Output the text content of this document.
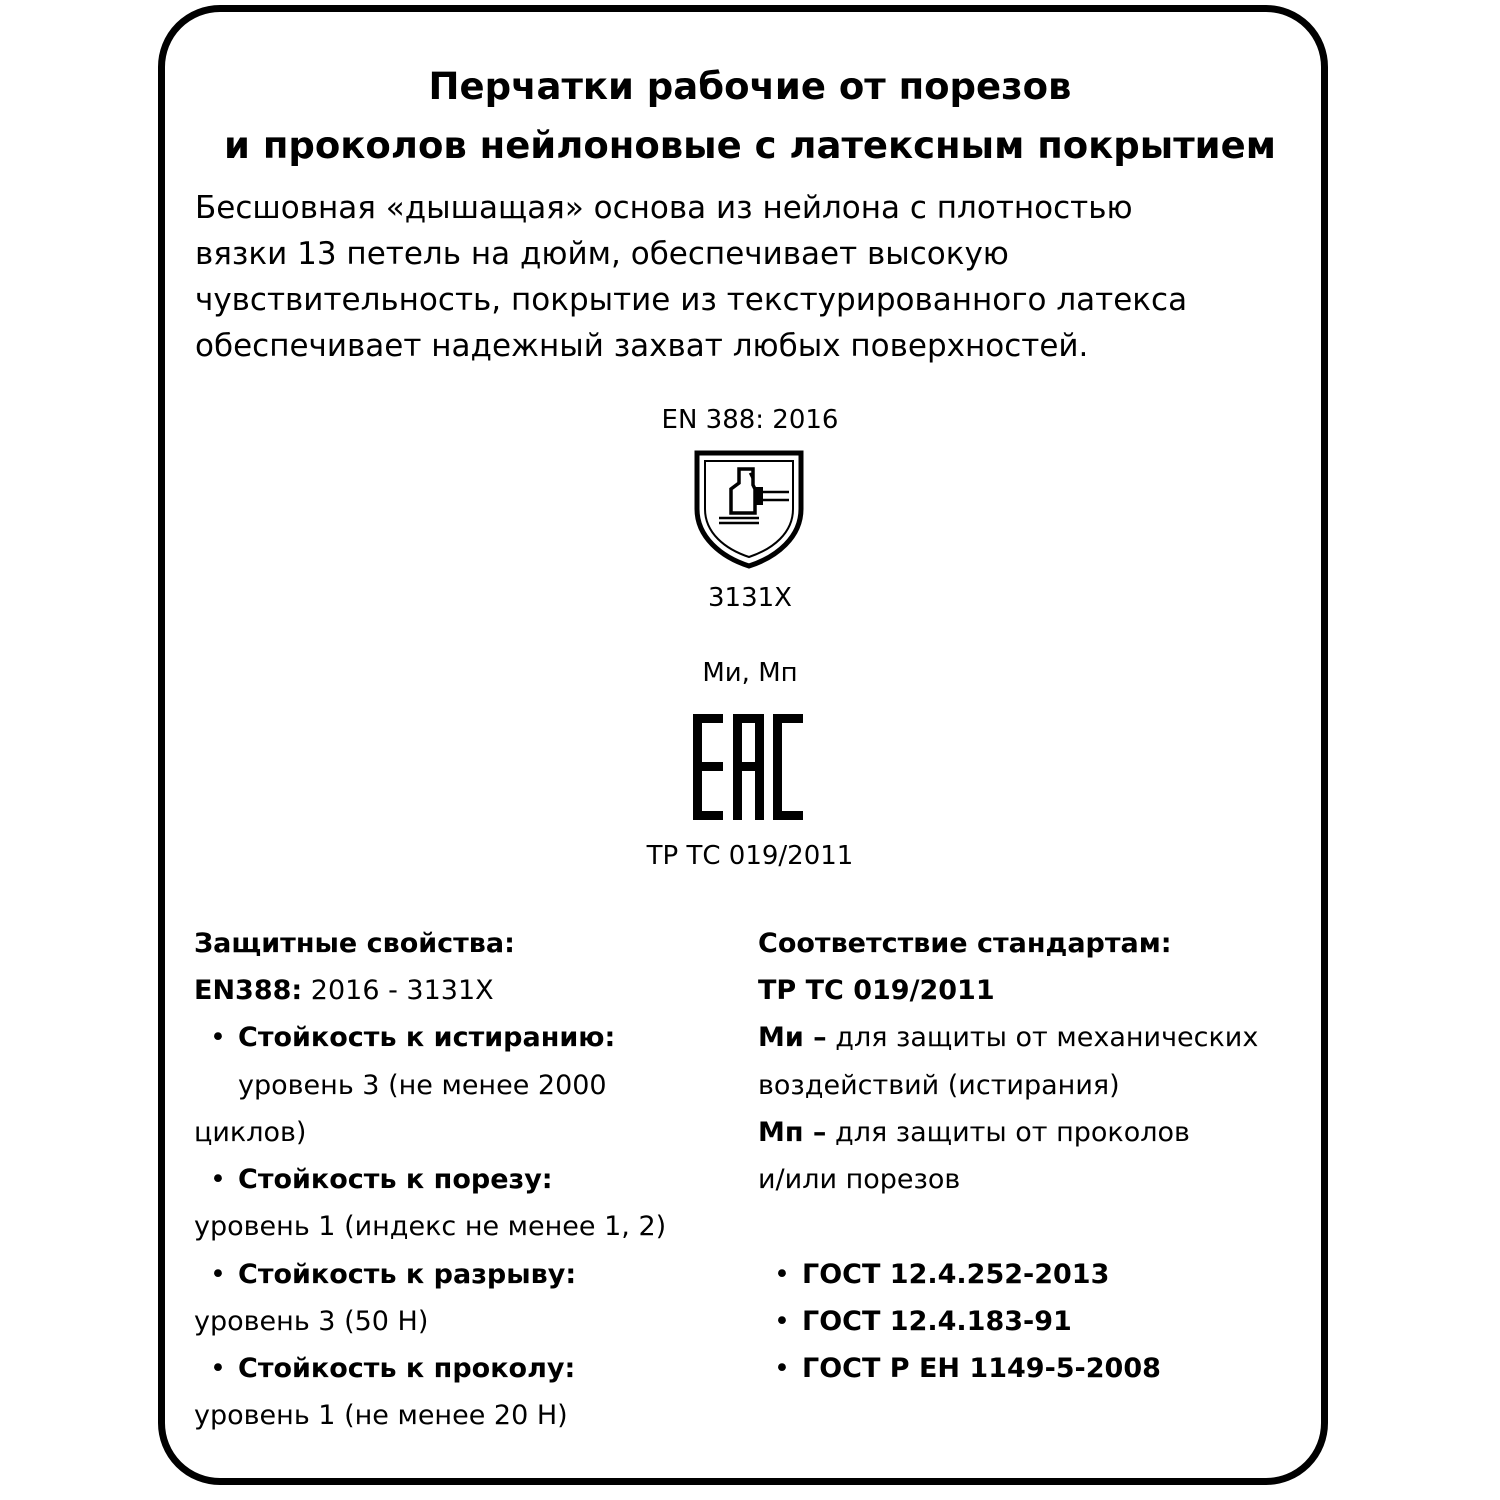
Перчатки рабочие от порезов
и проколов нейлоновые с латексным покрытием
Бесшовная «дышащая» основа из нейлона с плотностью
вязки 13 петель на дюйм, обеспечивает высокую
чувствительность, покрытие из текстурированного латекса
обеспечивает надежный захват любых поверхностей.
EN 388: 2016
3131X
Ми, Мп
ТР ТС 019/2011
Защитные свойства:
EN388: 2016 - 3131X
• Стойкость к истиранию:
уровень 3 (не менее 2000
циклов)
• Стойкость к порезу:
уровень 1 (индекс не менее 1, 2)
• Стойкость к разрыву:
уровень 3 (50 Н)
• Стойкость к проколу:
уровень 1 (не менее 20 Н)
Соответствие стандартам:
ТР ТС 019/2011
Ми – для защиты от механических
воздействий (истирания)
Мп – для защиты от проколов
и/или порезов
• ГОСТ 12.4.252-2013
• ГОСТ 12.4.183-91
• ГОСТ Р ЕН 1149-5-2008
